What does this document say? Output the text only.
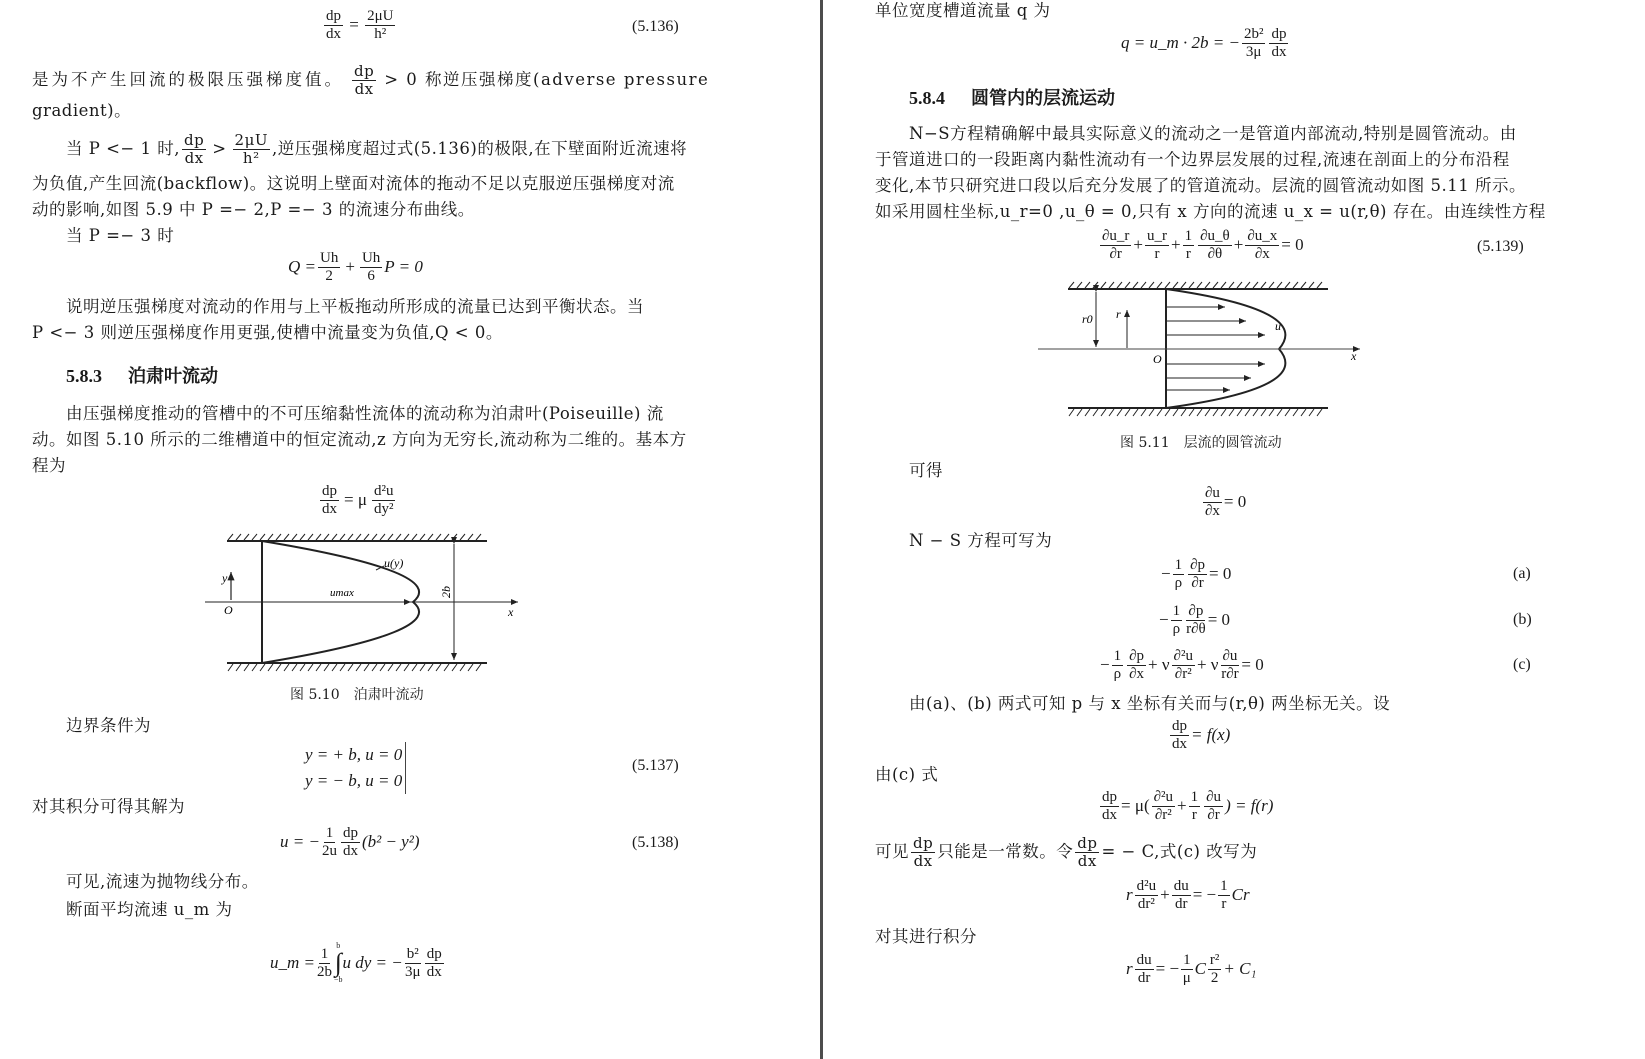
$\frac{dp}{dx} = \frac{2\mu U}{\text{h²}}$	(5.136)
是为不产生回流的极限压强梯度值。 $\frac{dp}{dx} > 0$ 称逆压强梯度(adverse pressure
gradient)。
当 P <− 1 时, $\frac{dp}{dx} > \frac{2\mu U}{\text{h²}}$ ,逆压强梯度超过式(5.136)的极限,在下壁面附近流速将
为负值,产生回流(backflow)。这说明上壁面对流体的拖动不足以克服逆压强梯度对流
动的影响,如图 5.9 中 P =− 2,P =− 3 的流速分布曲线。
当 P =− 3 时
$Q = \frac{Uh}{2} + \frac{Uh}{6}$ P = 0
说明逆压强梯度对流动的作用与上平板拖动所形成的流量已达到平衡状态。当
P <− 3 则逆压强梯度作用更强,使槽中流量变为负值,Q < 0。
5.8.3 泊肃叶流动
由压强梯度推动的管槽中的不可压缩黏性流体的流动称为泊肃叶(Poiseuille) 流
动。如图 5.10 所示的二维槽道中的恒定流动,z 方向为无穷长,流动称为二维的。基本方
程为
$\frac{dp}{dx} = \mu \frac{\text{d²u}}{\text{dy²}}$
u(y)
y
umax
O	x
2b
图 5.10　泊肃叶流动
边界条件为
y = + b, u = 0
y = − b, u = 0
(5.137)
对其积分可得其解为
u = − $\frac{1}{2u} \frac{dp}{dx} (b^2 - y^2)$	(5.138)
可见,流速为抛物线分布。
断面平均流速 u_m 为
u_m = $\frac{1}{2b}$
b
∫
−b
u dy = − $\frac{\text{b²}}{3\mu} \frac{dp}{dx}$
单位宽度槽道流量 q 为
q = u_m · 2b = − $\frac{\text{2b²}}{3\mu} \frac{dp}{dx}$
5.8.4 圆管内的层流运动
N−S方程精确解中最具实际意义的流动之一是管道内部流动,特别是圆管流动。由
于管道进口的一段距离内黏性流动有一个边界层发展的过程,流速在剖面上的分布沿程
变化,本节只研究进口段以后充分发展了的管道流动。层流的圆管流动如图 5.11 所示。
如采用圆柱坐标,u_r=0 ,u_θ = 0,只有 x 方向的流速 u_x = u(r,θ) 存在。由连续性方程
$\frac{\partial u\_r}{\partial r} + \frac{u\_r}{r} + \frac{1}{r} \frac{\partial u\_\theta}{\partial\theta} + \frac{\partial u\_x}{\partial x} = 0$	(5.139)
r0 r
u
O	x
图 5.11　层流的圆管流动
可得
$\frac{\partial u}{\partial x} = 0$
N − S 方程可写为
− $\frac{1}{\rho} \frac{\partial p}{\partial r} = 0$	(a)
− $\frac{1}{\rho} \frac{\partial p}{r\partial\theta} = 0$	(b)
− $\frac{1}{\rho} \frac{\partial p}{\partial x} + \nu \frac{\text{∂²u}}{\text{∂r²}} + \nu \frac{\partial u}{r\partial r} = 0$	(c)
由(a)、(b) 两式可知 p 与 x 坐标有关而与(r,θ) 两坐标无关。设
$\frac{dp}{dx} = f(x)$
由(c) 式
$\frac{dp}{dx} = \mu( \frac{\text{∂²u}}{\text{∂r²}} + \frac{1}{r} \frac{\partial u}{\partial r}$ ) = f(r)
可见 $\frac{dp}{dx}$ 只能是一常数。令 $\frac{dp}{dx}$ = − C,式(c) 改写为
r $\frac{\text{d²u}}{\text{dr²}} + \frac{du}{dr}$ = − $\frac{1}{r}$ Cr
对其进行积分
r $\frac{du}{dr}$ = − $\frac{1}{\mu}$ C $\frac{\text{r²}}{2} + C_1$
